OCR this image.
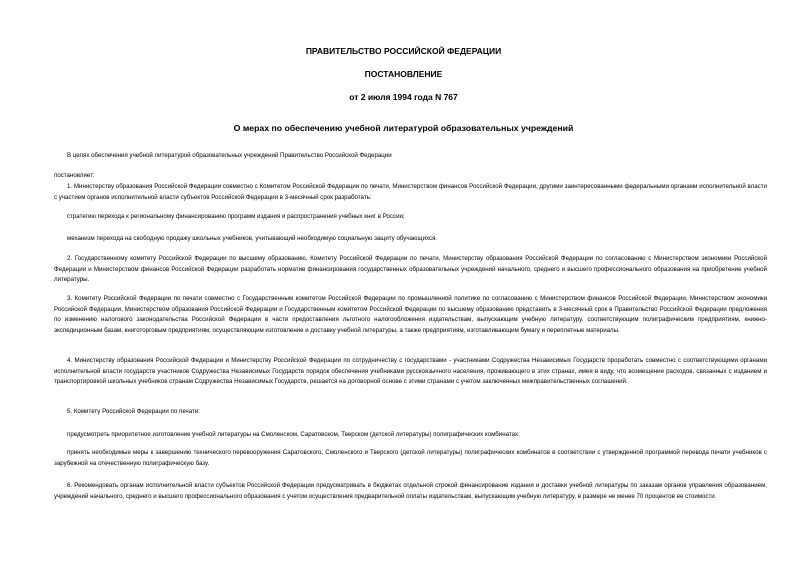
ПРАВИТЕЛЬСТВО РОССИЙСКОЙ ФЕДЕРАЦИИ
ПОСТАНОВЛЕНИЕ
от 2 июля 1994 года N 767
О мерах по обеспечению учебной литературой образовательных учреждений
В целях обеспечения учебной литературой образовательных учреждений Правительство Российской Федерации
постановляет:
1. Министерству образования Российской Федерации совместно с Комитетом Российской Федерации по печати, Министерством финансов Российской Федерации, другими заинтересованными федеральными органами исполнительной власти с участием органов исполнительной власти субъектов Российской Федерации в 3-месячный срок разработать:
стратегию перехода к региональному финансированию программ издания и распространения учебных книг в России;
механизм перехода на свободную продажу школьных учебников, учитывающий необходимую социальную защиту обучающихся.
2. Государственному комитету Российской Федерации по высшему образованию, Комитету Российской Федерации по печати, Министерству образования Российской Федерации по согласованию с Министерством экономики Российской Федерации и Министерством финансов Российской Федерации разработать норматив финансирования государственных образовательных учреждений начального, среднего и высшего профессионального образования на приобретение учебной литературы.
3. Комитету Российской Федерации по печати совместно с Государственным комитетом Российской Федерации по промышленной политике по согласованию с Министерством финансов Российской Федерации, Министерством экономики Российской Федерации, Министерством образования Российской Федерации и Государственным комитетом Российской Федерации по высшему образованию представить в 3-месячный срок в Правительство Российской Федерации предложения по изменению налогового законодательства Российской Федерации в части предоставления льготного налогообложения издательствам, выпускающим учебную литературу, соответствующим полиграфическим предприятиям, книжно-экспедиционным базам, книготорговым предприятиям, осуществляющим изготовление и доставку учебной литературы, а также предприятиям, изготавливающим бумагу и переплетные материалы.
4. Министерству образования Российской Федерации и Министерству Российской Федерации по сотрудничеству с государствами - участниками Содружества Независимых Государств проработать совместно с соответствующими органами исполнительной власти государств участников Содружества Независимых Государств порядок обеспечения учебниками русскоязычного населения, проживающего в этих странах, имея в виду, что возмещение расходов, связанных с изданием и транспортировкой школьных учебников странам Содружества Независимых Государств, решается на договорной основе с этими странами с учетом заключенных межправительственных соглашений.
5. Комитету Российской Федерации по печати:
предусмотреть приоритетное изготовление учебной литературы на Смоленском, Саратовском, Тверском (детской литературы) полиграфических комбинатах;
принять необходимые меры к завершению технического перевооружения Саратовского, Смоленского и Тверского (детской литературы) полиграфических комбинатов в соответствии с утвержденной программой перевода печати учебников с зарубежной на отечественную полиграфическую базу.
6. Рекомендовать органам исполнительной власти субъектов Российской Федерации предусматривать в бюджетах отдельной строкой финансирование издания и доставки учебной литературы по заказам органов управления образованием, учреждений начального, среднего и высшего профессионального образования с учетом осуществления предварительной оплаты издательствам, выпускающим учебную литературу, в размере не менее 70 процентов ее стоимости.
